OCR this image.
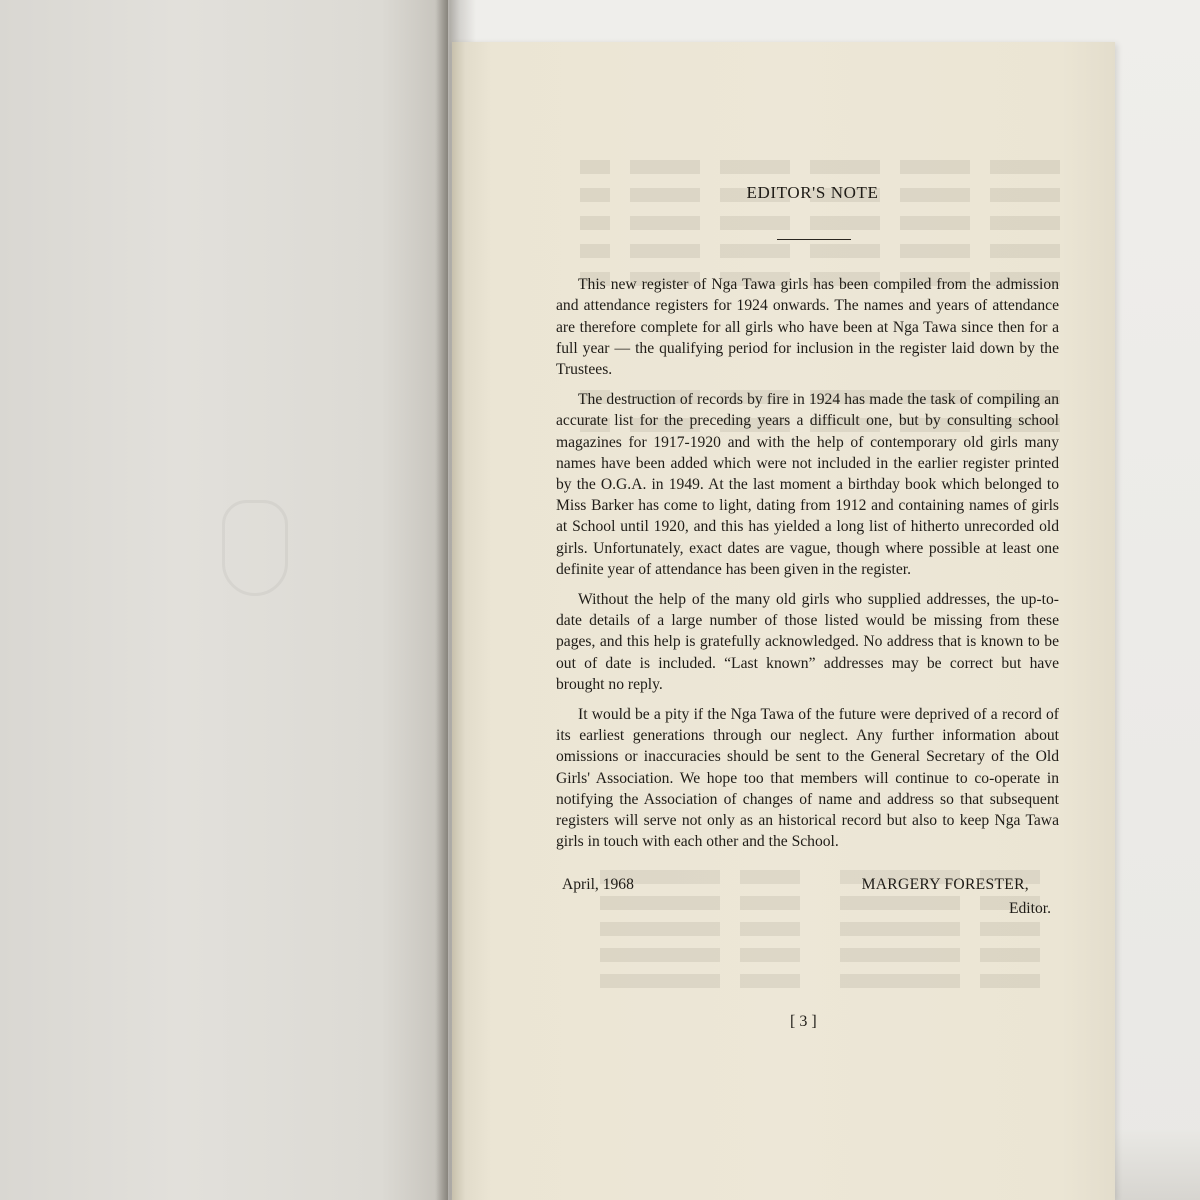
EDITOR'S NOTE

This new register of Nga Tawa girls has been compiled from the admission and attendance registers for 1924 onwards. The names and years of attendance are therefore complete for all girls who have been at Nga Tawa since then for a full year — the qualifying period for inclusion in the register laid down by the Trustees.

The destruction of records by fire in 1924 has made the task of compiling an accurate list for the preceding years a difficult one, but by consulting school magazines for 1917-1920 and with the help of contemporary old girls many names have been added which were not included in the earlier register printed by the O.G.A. in 1949. At the last moment a birthday book which belonged to Miss Barker has come to light, dating from 1912 and containing names of girls at School until 1920, and this has yielded a long list of hitherto unrecorded old girls. Unfortunately, exact dates are vague, though where possible at least one definite year of attendance has been given in the register.

Without the help of the many old girls who supplied addresses, the up-to-date details of a large number of those listed would be missing from these pages, and this help is gratefully acknowledged. No address that is known to be out of date is included. “Last known” addresses may be correct but have brought no reply.

It would be a pity if the Nga Tawa of the future were deprived of a record of its earliest generations through our neglect. Any further information about omissions or inaccuracies should be sent to the General Secretary of the Old Girls' Association. We hope too that members will continue to co-operate in notifying the Association of changes of name and address so that subsequent registers will serve not only as an historical record but also to keep Nga Tawa girls in touch with each other and the School.

April, 1968	MARGERY FORESTER,
Editor.
[ 3 ]
